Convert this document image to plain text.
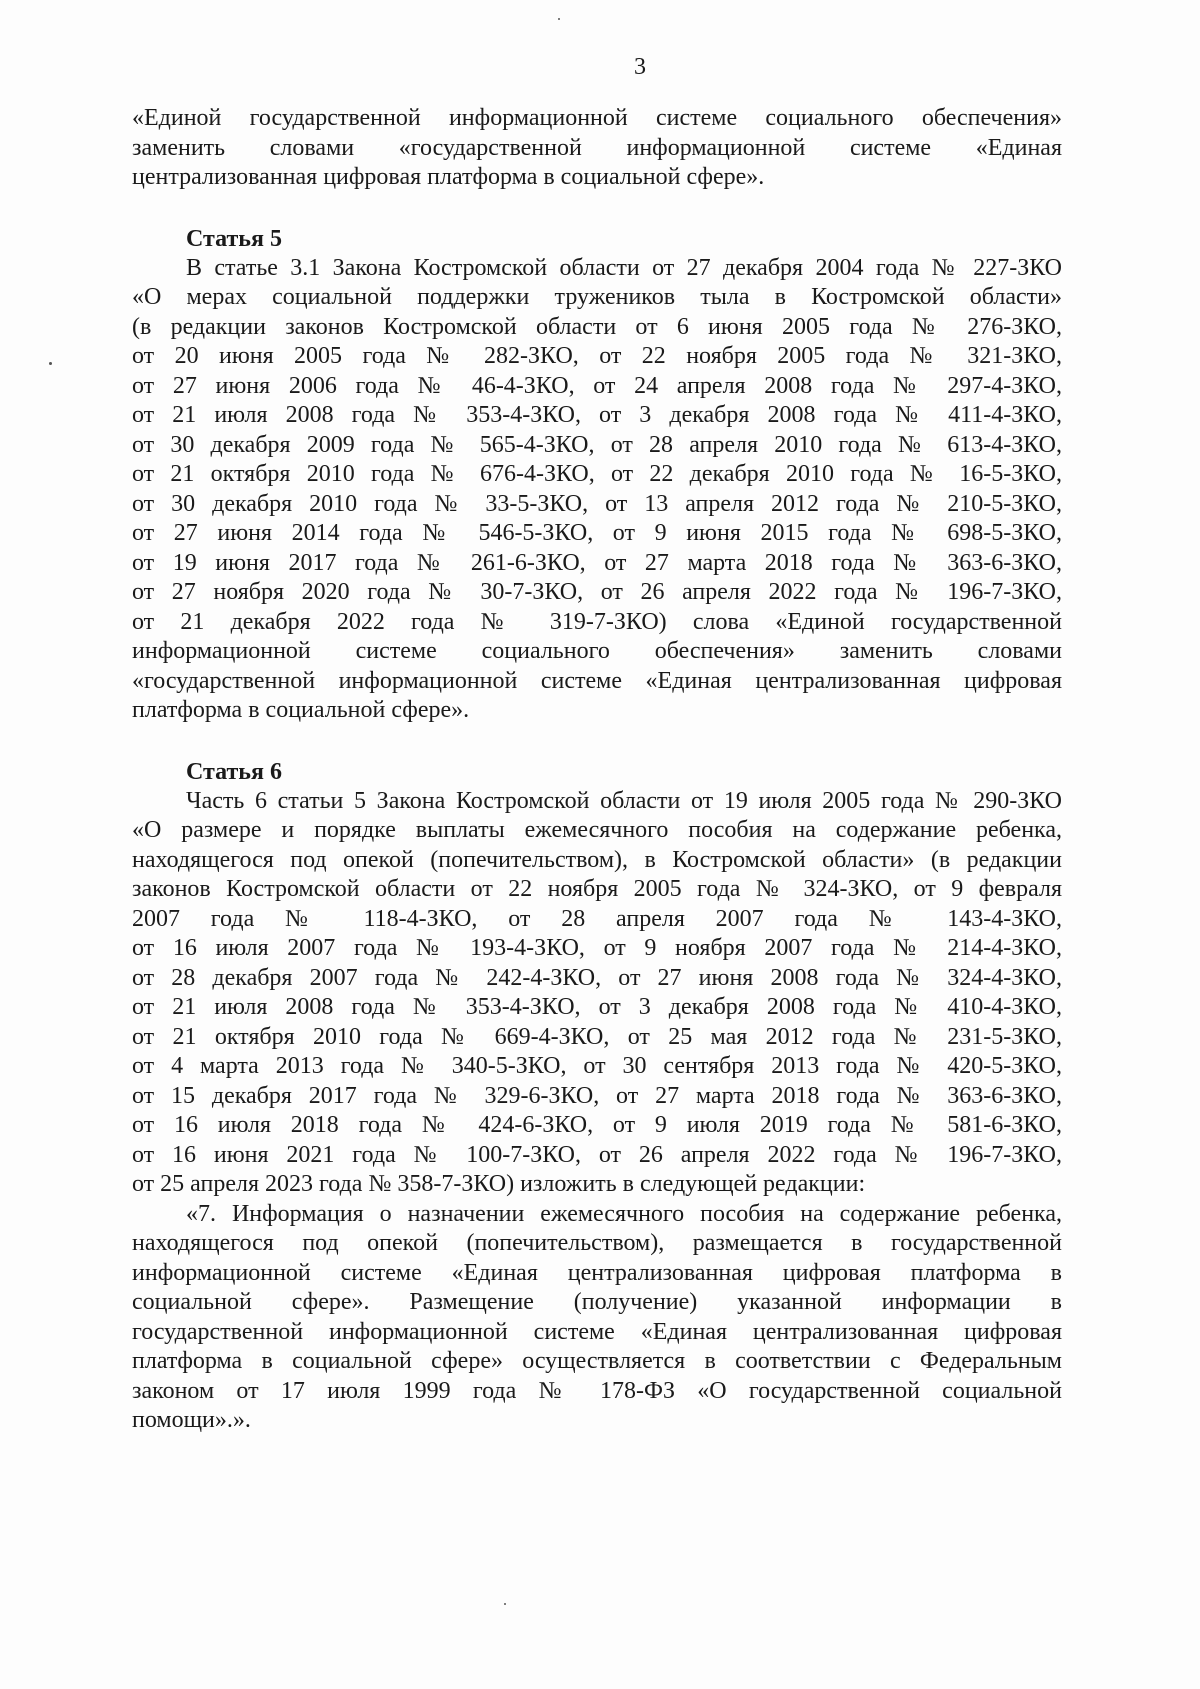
3

«Единой государственной информационной системе социального обеспечения»

заменить словами «государственной информационной системе «Единая

централизованная цифровая платформа в социальной сфере».

Статья 5

В статье 3.1 Закона Костромской области от 27 декабря 2004 года № 227-ЗКО

«О мерах социальной поддержки тружеников тыла в Костромской области»

(в редакции законов Костромской области от 6 июня 2005 года № 276-ЗКО,

от 20 июня 2005 года № 282-ЗКО, от 22 ноября 2005 года № 321-ЗКО,

от 27 июня 2006 года № 46-4-ЗКО, от 24 апреля 2008 года № 297-4-ЗКО,

от 21 июля 2008 года № 353-4-ЗКО, от 3 декабря 2008 года № 411-4-ЗКО,

от 30 декабря 2009 года № 565-4-ЗКО, от 28 апреля 2010 года № 613-4-ЗКО,

от 21 октября 2010 года № 676-4-ЗКО, от 22 декабря 2010 года № 16-5-ЗКО,

от 30 декабря 2010 года № 33-5-ЗКО, от 13 апреля 2012 года № 210-5-ЗКО,

от 27 июня 2014 года № 546-5-ЗКО, от 9 июня 2015 года № 698-5-ЗКО,

от 19 июня 2017 года № 261-6-ЗКО, от 27 марта 2018 года № 363-6-ЗКО,

от 27 ноября 2020 года № 30-7-ЗКО, от 26 апреля 2022 года № 196-7-ЗКО,

от 21 декабря 2022 года № 319-7-ЗКО) слова «Единой государственной

информационной системе социального обеспечения» заменить словами

«государственной информационной системе «Единая централизованная цифровая

платформа в социальной сфере».

Статья 6

Часть 6 статьи 5 Закона Костромской области от 19 июля 2005 года № 290-ЗКО

«О размере и порядке выплаты ежемесячного пособия на содержание ребенка,

находящегося под опекой (попечительством), в Костромской области» (в редакции

законов Костромской области от 22 ноября 2005 года № 324-ЗКО, от 9 февраля

2007 года № 118-4-ЗКО, от 28 апреля 2007 года № 143-4-ЗКО,

от 16 июля 2007 года № 193-4-ЗКО, от 9 ноября 2007 года № 214-4-ЗКО,

от 28 декабря 2007 года № 242-4-ЗКО, от 27 июня 2008 года № 324-4-ЗКО,

от 21 июля 2008 года № 353-4-ЗКО, от 3 декабря 2008 года № 410-4-ЗКО,

от 21 октября 2010 года № 669-4-ЗКО, от 25 мая 2012 года № 231-5-ЗКО,

от 4 марта 2013 года № 340-5-ЗКО, от 30 сентября 2013 года № 420-5-ЗКО,

от 15 декабря 2017 года № 329-6-ЗКО, от 27 марта 2018 года № 363-6-ЗКО,

от 16 июля 2018 года № 424-6-ЗКО, от 9 июля 2019 года № 581-6-ЗКО,

от 16 июня 2021 года № 100-7-ЗКО, от 26 апреля 2022 года № 196-7-ЗКО,

от 25 апреля 2023 года № 358-7-ЗКО) изложить в следующей редакции:

«7. Информация о назначении ежемесячного пособия на содержание ребенка,

находящегося под опекой (попечительством), размещается в государственной

информационной системе «Единая централизованная цифровая платформа в

социальной сфере». Размещение (получение) указанной информации в

государственной информационной системе «Единая централизованная цифровая

платформа в социальной сфере» осуществляется в соответствии с Федеральным

законом от 17 июля 1999 года № 178-ФЗ «О государственной социальной

помощи».».
